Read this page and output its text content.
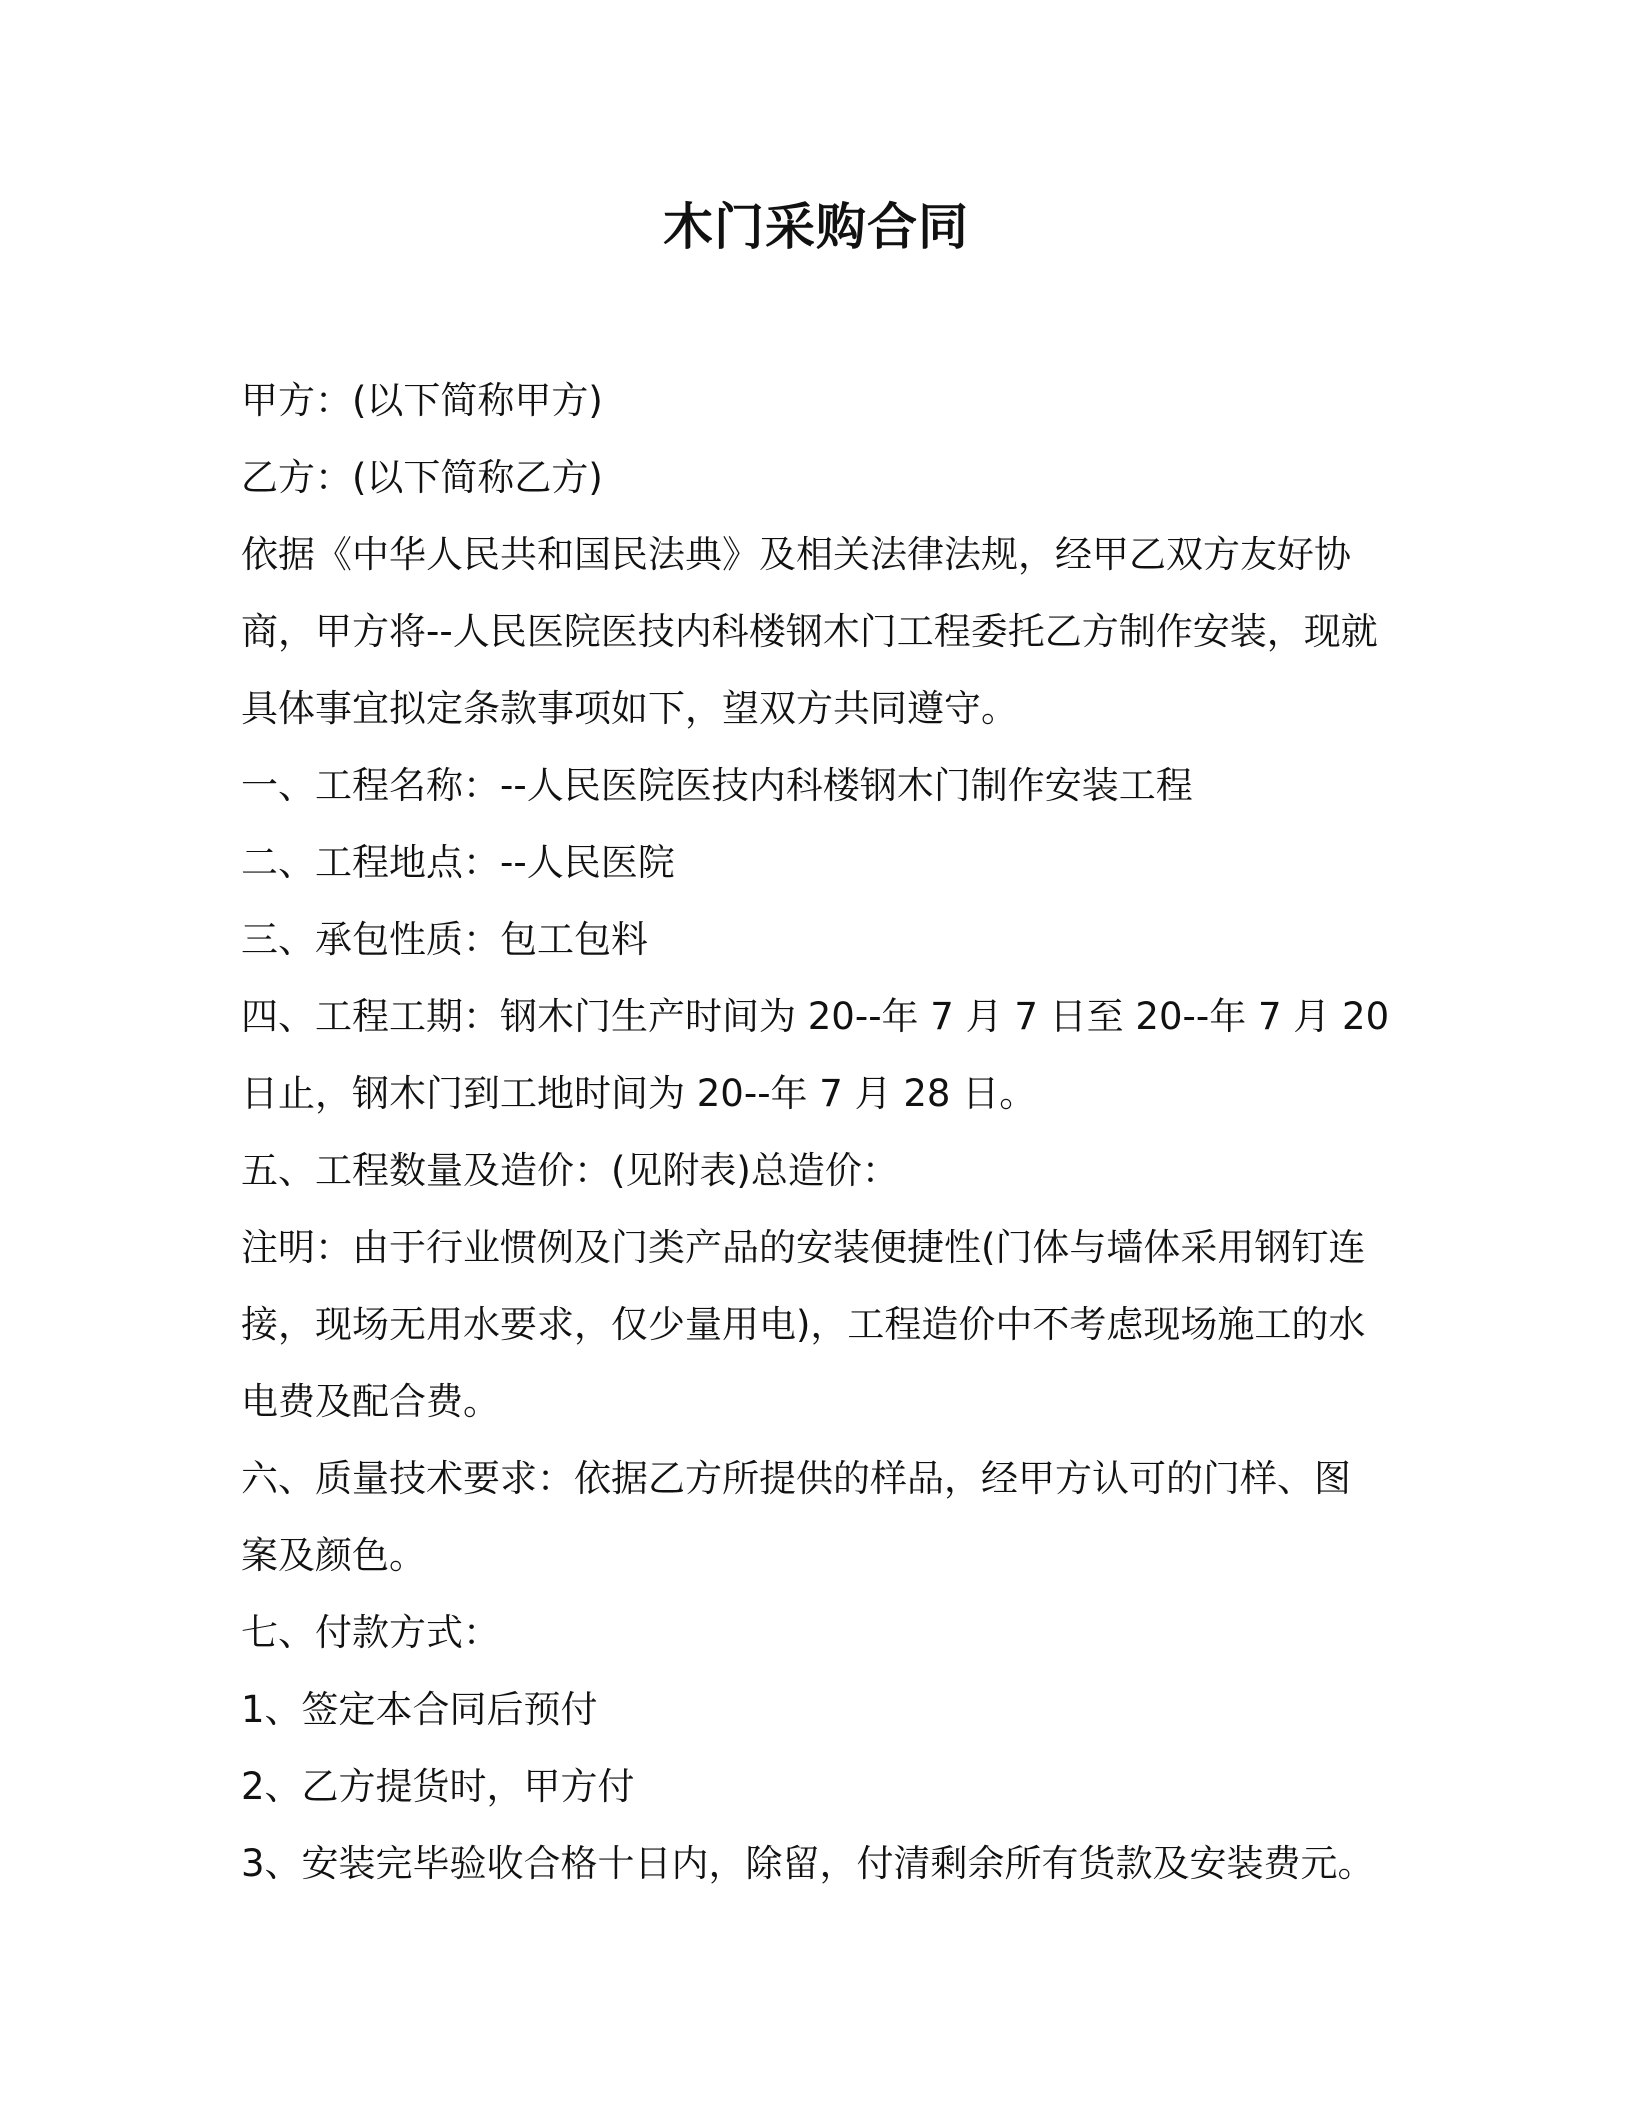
木门采购合同
甲方：(以下简称甲方)
乙方：(以下简称乙方)
依据《中华人民共和国民法典》及相关法律法规，经甲乙双方友好协
商，甲方将--人民医院医技内科楼钢木门工程委托乙方制作安装，现就
具体事宜拟定条款事项如下，望双方共同遵守。
一、工程名称：--人民医院医技内科楼钢木门制作安装工程
二、工程地点：--人民医院
三、承包性质：包工包料
四、工程工期：钢木门生产时间为 20--年 7 月 7 日至 20--年 7 月 20
日止，钢木门到工地时间为 20--年 7 月 28 日。
五、工程数量及造价：(见附表)总造价：
注明：由于行业惯例及门类产品的安装便捷性(门体与墙体采用钢钉连
接，现场无用水要求，仅少量用电)，工程造价中不考虑现场施工的水
电费及配合费。
六、质量技术要求：依据乙方所提供的样品，经甲方认可的门样、图
案及颜色。
七、付款方式：
1、签定本合同后预付
2、乙方提货时，甲方付
3、安装完毕验收合格十日内，除留，付清剩余所有货款及安装费元。
